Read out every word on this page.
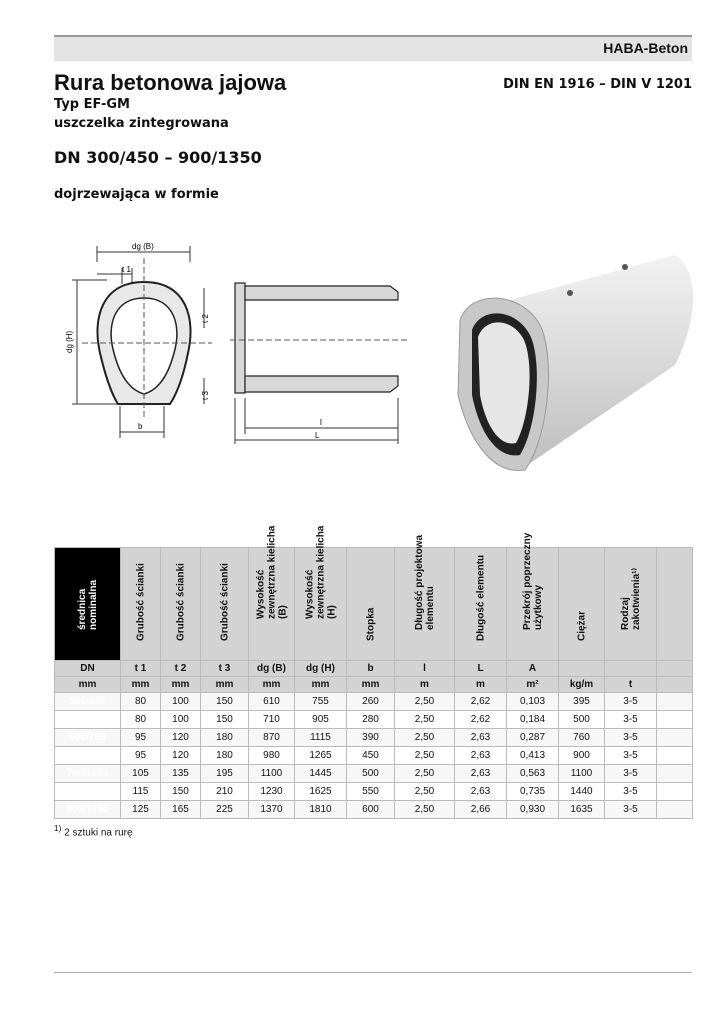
HABA-Beton
Rura betonowa jajowa	DIN EN 1916 – DIN V 1201
Typ EF-GM
uszczelka zintegrowana
DN 300/450 – 900/1350
dojrzewająca w formie
dg (B)
t 1
dg (H)
t 2
t 3
b	l
L
średnica
nominalna	Grubość ścianki	Grubość ścianki	Grubość ścianki	Wysokość
zewnętrzna kielicha
(B)	Wysokość
zewnętrzna kielicha
(H)	Stopka	Długość projektowa
elementu	Długość elementu	Przekrój poprzeczny
użytkowy	Ciężar	Rodzaj
zakotwienia¹⁾	

DN	t 1	t 2	t 3	dg (B)	dg (H)	b	l	L	A			
mm	mm	mm	mm	mm	mm	mm	m	m	m²	kg/m	t	
300/450	80	100	150	610	755	260	2,50	2,62	0,103	395	3-5	
400/600	80	100	150	710	905	280	2,50	2,62	0,184	500	3-5	
500/750	95	120	180	870	1115	390	2,50	2,63	0,287	760	3-5	
600/900	95	120	180	980	1265	450	2,50	2,63	0,413	900	3-5	
700/1050	105	135	195	1100	1445	500	2,50	2,63	0,563	1100	3-5	
800/1200	115	150	210	1230	1625	550	2,50	2,63	0,735	1440	3-5	
900/1350	125	165	225	1370	1810	600	2,50	2,66	0,930	1635	3-5	
$^{1)}$ 2 sztuki na rurę
